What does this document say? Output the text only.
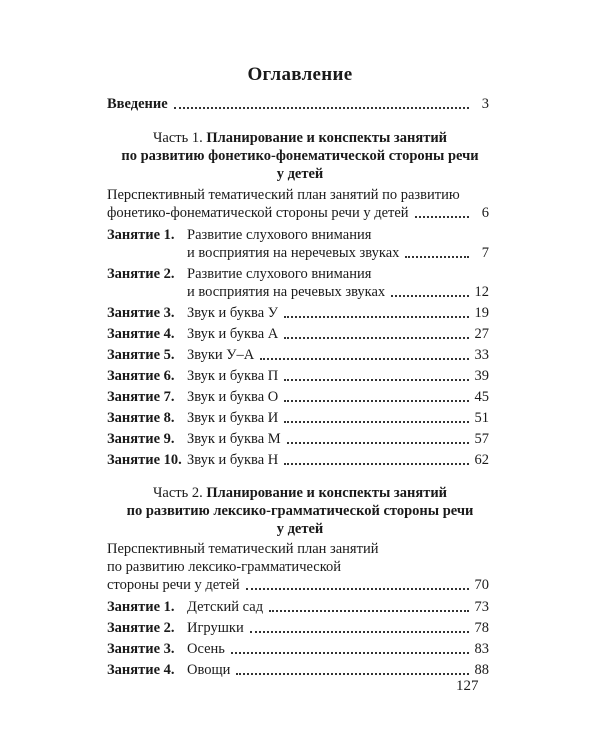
Оглавление
Введение	3
Часть 1. Планирование и конспекты занятий
по развитию фонетико-фонематической стороны речи
у детей
Перспективный тематический план занятий по развитию
фонетико-фонематической стороны речи у детей	6
Занятие 1. Развитие слухового внимания
и восприятия на неречевых звуках	7
Занятие 2. Развитие слухового внимания
и восприятия на речевых звуках	12
Занятие 3. Звук и буква У	19
Занятие 4. Звук и буква А	27
Занятие 5. Звуки У–А	33
Занятие 6. Звук и буква П	39
Занятие 7. Звук и буква О	45
Занятие 8. Звук и буква И	51
Занятие 9. Звук и буква М	57
Занятие 10. Звук и буква Н	62
Часть 2. Планирование и конспекты занятий
по развитию лексико-грамматической стороны речи
у детей
Перспективный тематический план занятий
по развитию лексико-грамматической
стороны речи у детей	70
Занятие 1. Детский сад	73
Занятие 2. Игрушки	78
Занятие 3. Осень	83
Занятие 4. Овощи	88
127
